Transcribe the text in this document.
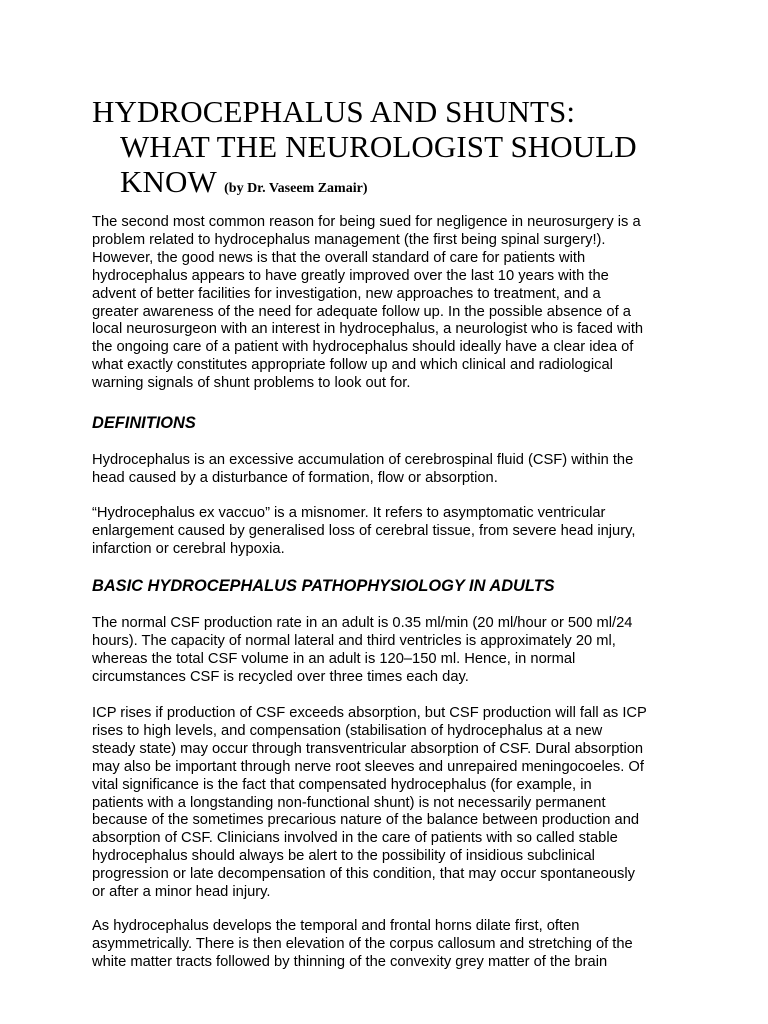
HYDROCEPHALUS AND SHUNTS:
WHAT THE NEUROLOGIST SHOULD
KNOW (by Dr. Vaseem Zamair)

The second most common reason for being sued for negligence in neurosurgery is a
problem related to hydrocephalus management (the first being spinal surgery!).
However, the good news is that the overall standard of care for patients with
hydrocephalus appears to have greatly improved over the last 10 years with the
advent of better facilities for investigation, new approaches to treatment, and a
greater awareness of the need for adequate follow up. In the possible absence of a
local neurosurgeon with an interest in hydrocephalus, a neurologist who is faced with
the ongoing care of a patient with hydrocephalus should ideally have a clear idea of
what exactly constitutes appropriate follow up and which clinical and radiological
warning signals of shunt problems to look out for.

DEFINITIONS

Hydrocephalus is an excessive accumulation of cerebrospinal fluid (CSF) within the
head caused by a disturbance of formation, flow or absorption.

“Hydrocephalus ex vaccuo” is a misnomer. It refers to asymptomatic ventricular
enlargement caused by generalised loss of cerebral tissue, from severe head injury,
infarction or cerebral hypoxia.

BASIC HYDROCEPHALUS PATHOPHYSIOLOGY IN ADULTS

The normal CSF production rate in an adult is 0.35 ml/min (20 ml/hour or 500 ml/24
hours). The capacity of normal lateral and third ventricles is approximately 20 ml,
whereas the total CSF volume in an adult is 120–150 ml. Hence, in normal
circumstances CSF is recycled over three times each day.

ICP rises if production of CSF exceeds absorption, but CSF production will fall as ICP
rises to high levels, and compensation (stabilisation of hydrocephalus at a new
steady state) may occur through transventricular absorption of CSF. Dural absorption
may also be important through nerve root sleeves and unrepaired meningocoeles. Of
vital significance is the fact that compensated hydrocephalus (for example, in
patients with a longstanding non-functional shunt) is not necessarily permanent
because of the sometimes precarious nature of the balance between production and
absorption of CSF. Clinicians involved in the care of patients with so called stable
hydrocephalus should always be alert to the possibility of insidious subclinical
progression or late decompensation of this condition, that may occur spontaneously
or after a minor head injury.

As hydrocephalus develops the temporal and frontal horns dilate first, often
asymmetrically. There is then elevation of the corpus callosum and stretching of the
white matter tracts followed by thinning of the convexity grey matter of the brain
